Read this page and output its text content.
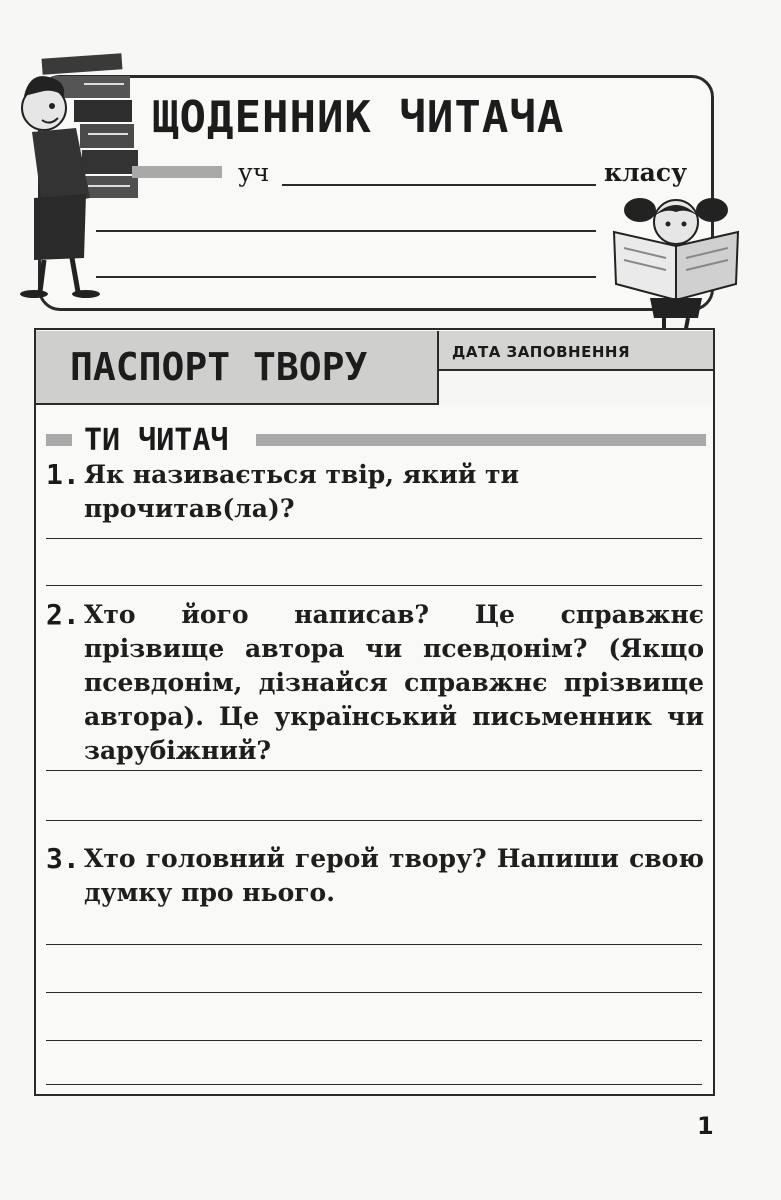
ЩОДЕННИК ЧИТАЧА
уч	класу
ПАСПОРТ ТВОРУ	ДАТА ЗАПОВНЕННЯ
ТИ ЧИТАЧ
1. Як називається твір, який ти прочитав(ла)?
2. Хто його написав? Це справжнє прізвище автора чи псевдонім? (Якщо псевдонім, дізнайся справжнє прізвище автора). Це український письменник чи зарубіжний?
3. Хто головний герой твору? Напиши свою думку про нього.
1
